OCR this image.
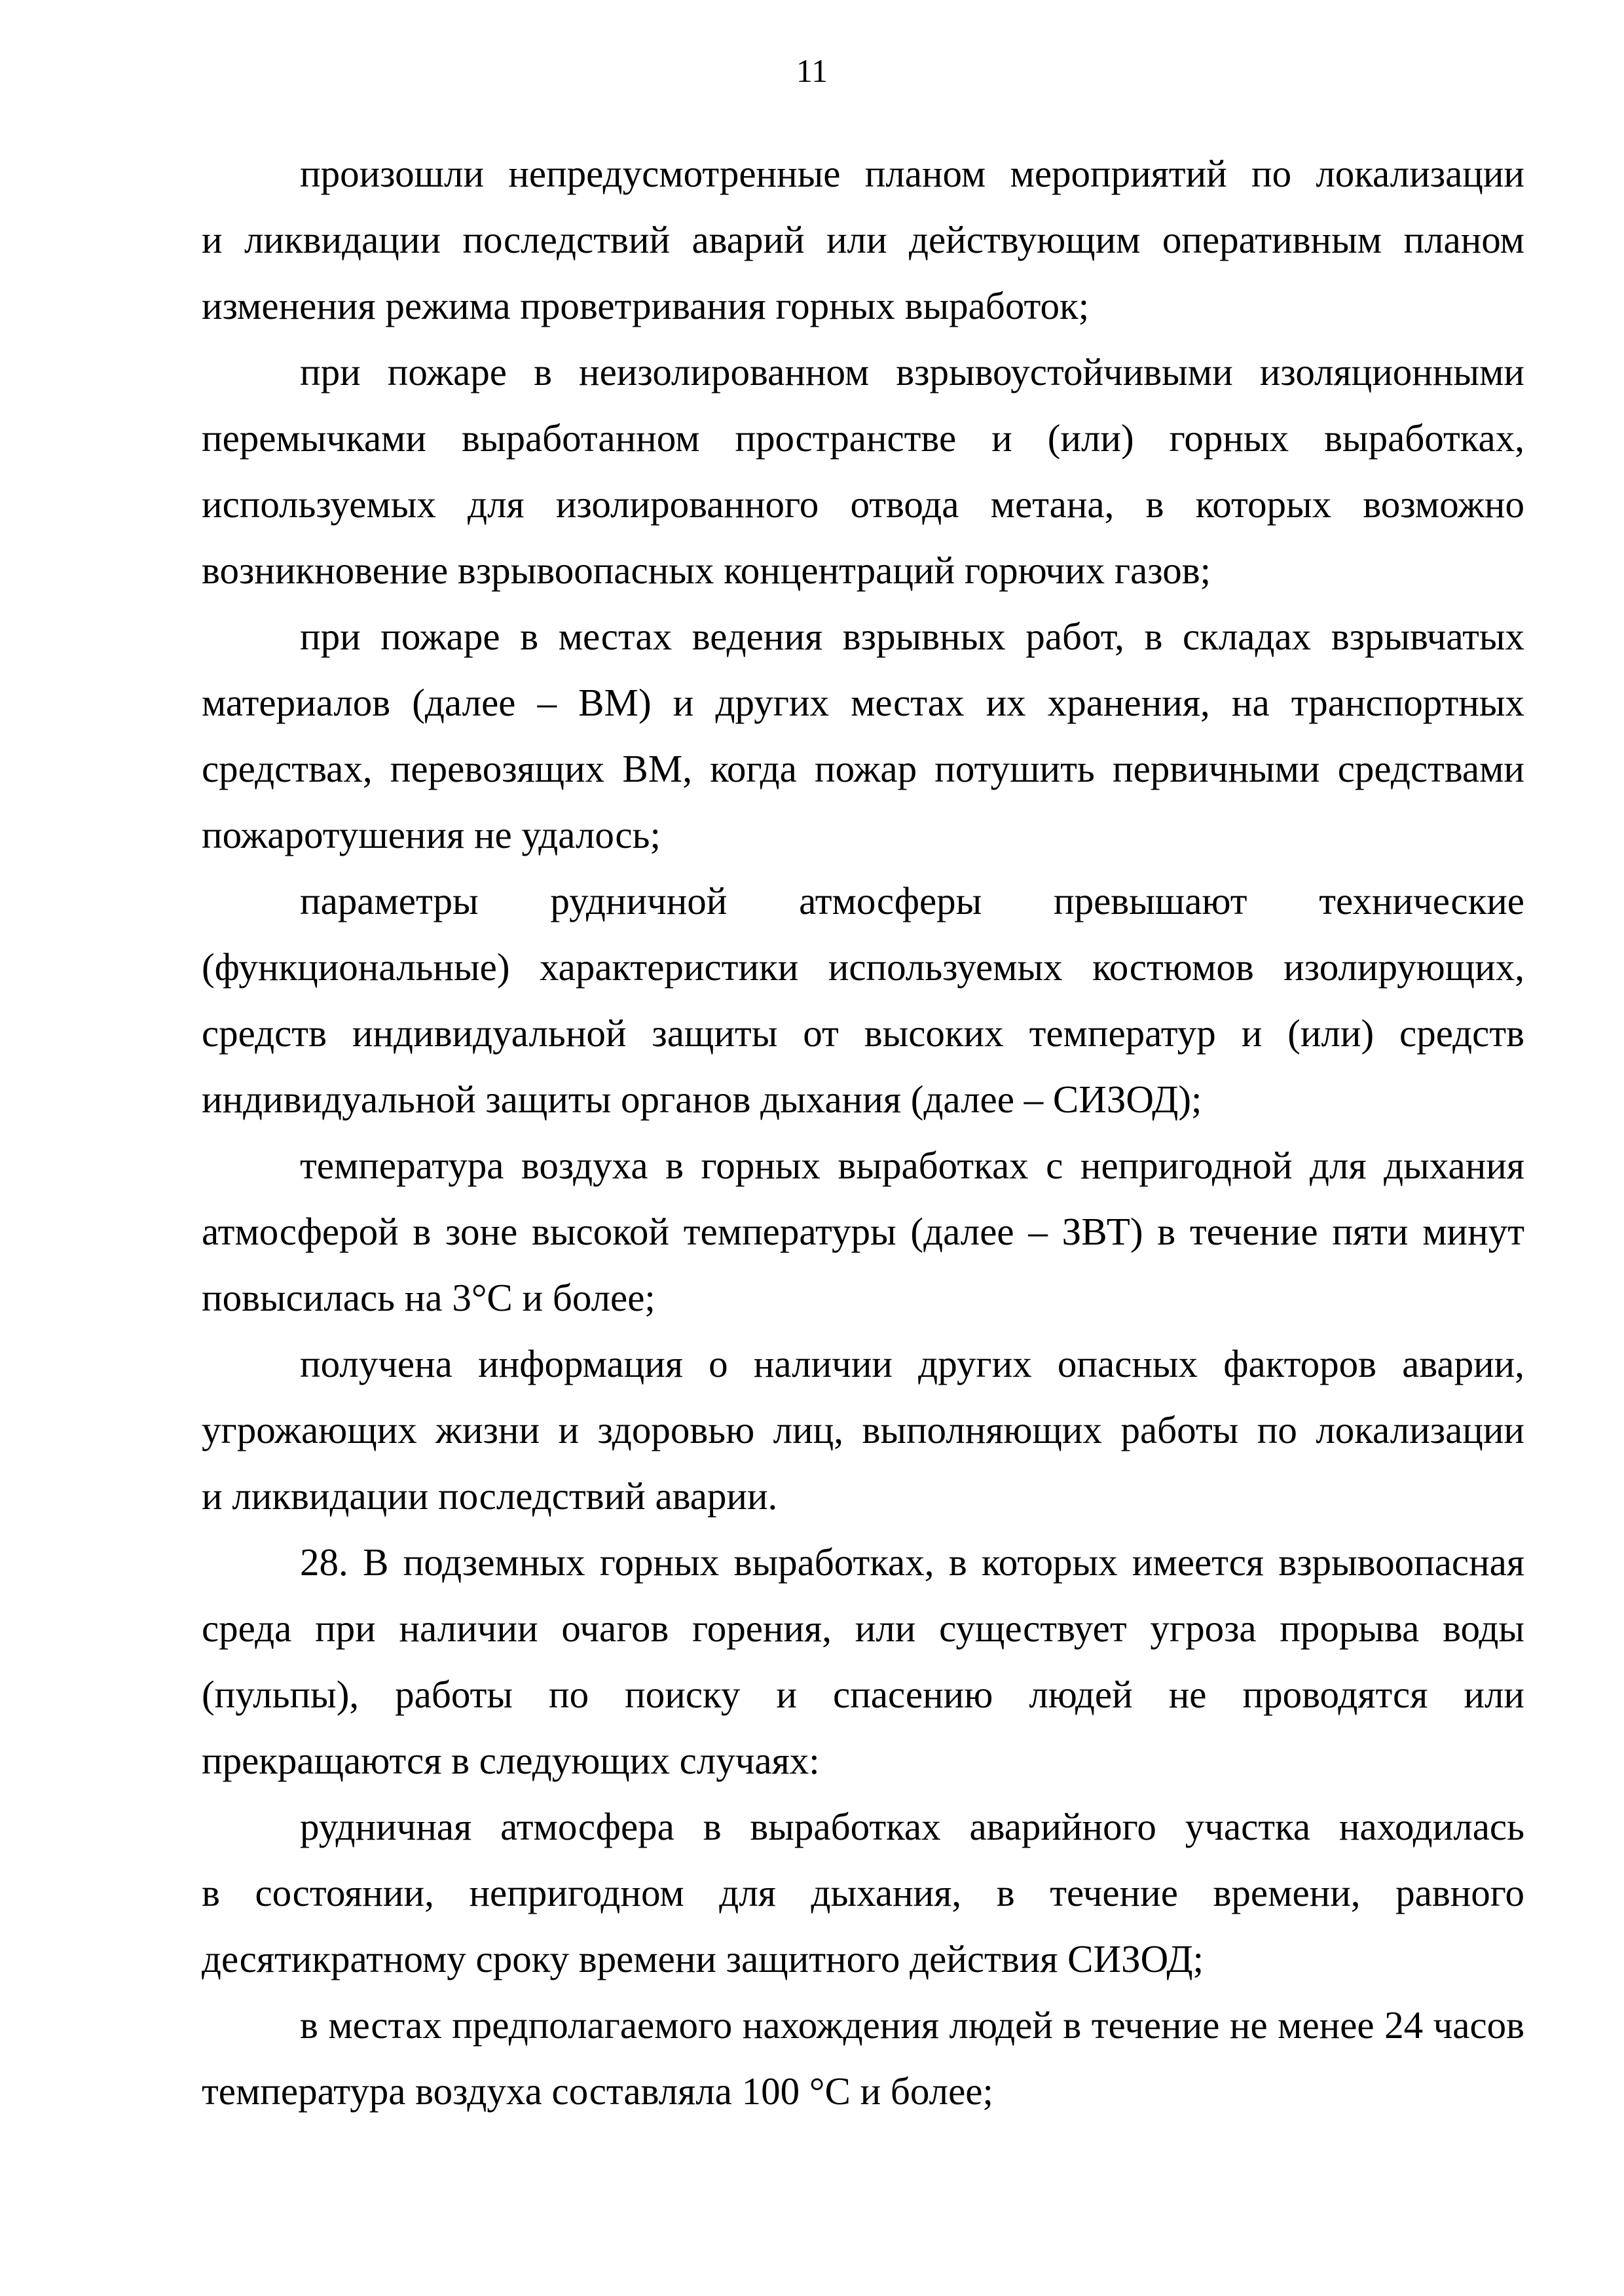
11
произошли непредусмотренные планом мероприятий по локализации
и ликвидации последствий аварий или действующим оперативным планом
изменения режима проветривания горных выработок;
при пожаре в неизолированном взрывоустойчивыми изоляционными
перемычками выработанном пространстве и (или) горных выработках,
используемых для изолированного отвода метана, в которых возможно
возникновение взрывоопасных концентраций горючих газов;
при пожаре в местах ведения взрывных работ, в складах взрывчатых
материалов (далее – ВМ) и других местах их хранения, на транспортных
средствах, перевозящих ВМ, когда пожар потушить первичными средствами
пожаротушения не удалось;
параметры рудничной атмосферы превышают технические
(функциональные) характеристики используемых костюмов изолирующих,
средств индивидуальной защиты от высоких температур и (или) средств
индивидуальной защиты органов дыхания (далее – СИЗОД);
температура воздуха в горных выработках с непригодной для дыхания
атмосферой в зоне высокой температуры (далее – ЗВТ) в течение пяти минут
повысилась на 3°С и более;
получена информация о наличии других опасных факторов аварии,
угрожающих жизни и здоровью лиц, выполняющих работы по локализации
и ликвидации последствий аварии.
28. В подземных горных выработках, в которых имеется взрывоопасная
среда при наличии очагов горения, или существует угроза прорыва воды
(пульпы), работы по поиску и спасению людей не проводятся или
прекращаются в следующих случаях:
рудничная атмосфера в выработках аварийного участка находилась
в состоянии, непригодном для дыхания, в течение времени, равного
десятикратному сроку времени защитного действия СИЗОД;
в местах предполагаемого нахождения людей в течение не менее 24 часов
температура воздуха составляла 100 °С и более;
